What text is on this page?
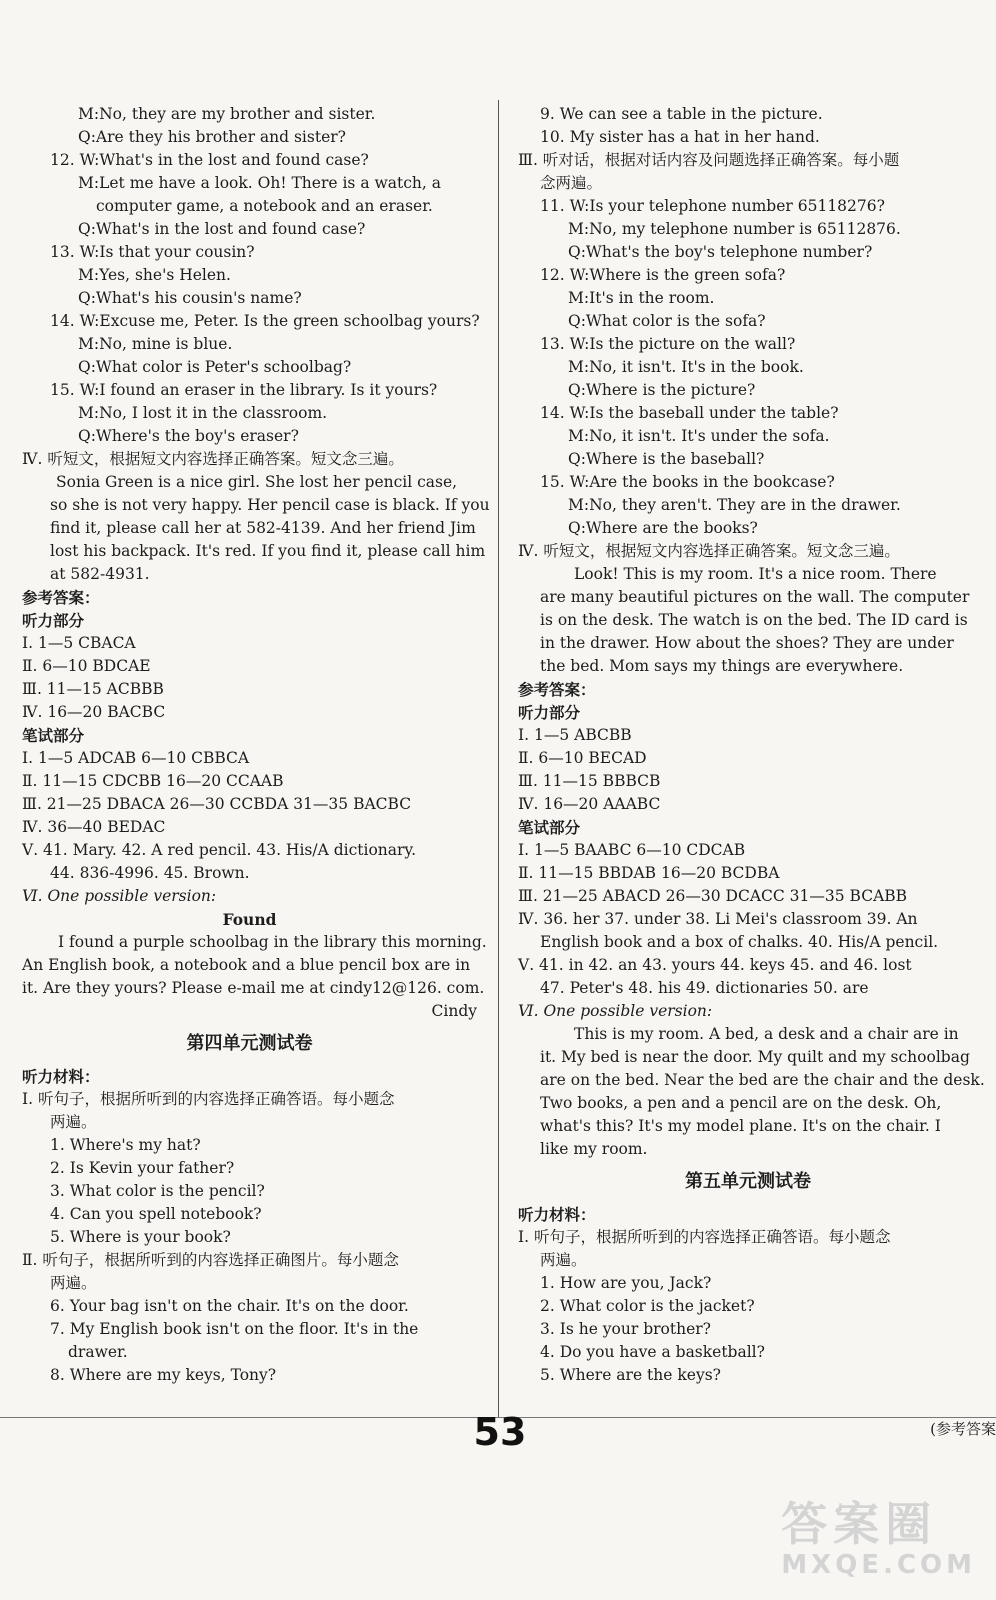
M:No, they are my brother and sister.
Q:Are they his brother and sister?
12. W:What's in the lost and found case?
M:Let me have a look. Oh! There is a watch, a
computer game, a notebook and an eraser.
Q:What's in the lost and found case?
13. W:Is that your cousin?
M:Yes, she's Helen.
Q:What's his cousin's name?
14. W:Excuse me, Peter. Is the green schoolbag yours?
M:No, mine is blue.
Q:What color is Peter's schoolbag?
15. W:I found an eraser in the library. Is it yours?
M:No, I lost it in the classroom.
Q:Where's the boy's eraser?
Ⅳ. 听短文，根据短文内容选择正确答案。短文念三遍。
Sonia Green is a nice girl. She lost her pencil case,
so she is not very happy. Her pencil case is black. If you
find it, please call her at 582-4139. And her friend Jim
lost his backpack. It's red. If you find it, please call him
at 582-4931.
参考答案：
听力部分
Ⅰ. 1—5 CBACA
Ⅱ. 6—10 BDCAE
Ⅲ. 11—15 ACBBB
Ⅳ. 16—20 BACBC
笔试部分
Ⅰ. 1—5 ADCAB 6—10 CBBCA
Ⅱ. 11—15 CDCBB 16—20 CCAAB
Ⅲ. 21—25 DBACA 26—30 CCBDA 31—35 BACBC
Ⅳ. 36—40 BEDAC
Ⅴ. 41. Mary. 42. A red pencil. 43. His/A dictionary.
44. 836-4996. 45. Brown.
Ⅵ. One possible version:
Found
I found a purple schoolbag in the library this morning.
An English book, a notebook and a blue pencil box are in
it. Are they yours? Please e-mail me at cindy12@126. com.
Cindy
第四单元测试卷
听力材料：
Ⅰ. 听句子，根据所听到的内容选择正确答语。每小题念
两遍。
1. Where's my hat?
2. Is Kevin your father?
3. What color is the pencil?
4. Can you spell notebook?
5. Where is your book?
Ⅱ. 听句子，根据所听到的内容选择正确图片。每小题念
两遍。
6. Your bag isn't on the chair. It's on the door.
7. My English book isn't on the floor. It's in the
drawer.
8. Where are my keys, Tony?
9. We can see a table in the picture.
10. My sister has a hat in her hand.
Ⅲ. 听对话，根据对话内容及问题选择正确答案。每小题
念两遍。
11. W:Is your telephone number 65118276?
M:No, my telephone number is 65112876.
Q:What's the boy's telephone number?
12. W:Where is the green sofa?
M:It's in the room.
Q:What color is the sofa?
13. W:Is the picture on the wall?
M:No, it isn't. It's in the book.
Q:Where is the picture?
14. W:Is the baseball under the table?
M:No, it isn't. It's under the sofa.
Q:Where is the baseball?
15. W:Are the books in the bookcase?
M:No, they aren't. They are in the drawer.
Q:Where are the books?
Ⅳ. 听短文，根据短文内容选择正确答案。短文念三遍。
Look! This is my room. It's a nice room. There
are many beautiful pictures on the wall. The computer
is on the desk. The watch is on the bed. The ID card is
in the drawer. How about the shoes? They are under
the bed. Mom says my things are everywhere.
参考答案：
听力部分
Ⅰ. 1—5 ABCBB
Ⅱ. 6—10 BECAD
Ⅲ. 11—15 BBBCB
Ⅳ. 16—20 AAABC
笔试部分
Ⅰ. 1—5 BAABC 6—10 CDCAB
Ⅱ. 11—15 BBDAB 16—20 BCDBA
Ⅲ. 21—25 ABACD 26—30 DCACC 31—35 BCABB
Ⅳ. 36. her 37. under 38. Li Mei's classroom 39. An
English book and a box of chalks. 40. His/A pencil.
Ⅴ. 41. in 42. an 43. yours 44. keys 45. and 46. lost
47. Peter's 48. his 49. dictionaries 50. are
Ⅵ. One possible version:
This is my room. A bed, a desk and a chair are in
it. My bed is near the door. My quilt and my schoolbag
are on the bed. Near the bed are the chair and the desk.
Two books, a pen and a pencil are on the desk. Oh,
what's this? It's my model plane. It's on the chair. I
like my room.
第五单元测试卷
听力材料：
Ⅰ. 听句子，根据所听到的内容选择正确答语。每小题念
两遍。
1. How are you, Jack?
2. What color is the jacket?
3. Is he your brother?
4. Do you have a basketball?
5. Where are the keys?
53	(参考答案
答案圈
MXQE.COM
